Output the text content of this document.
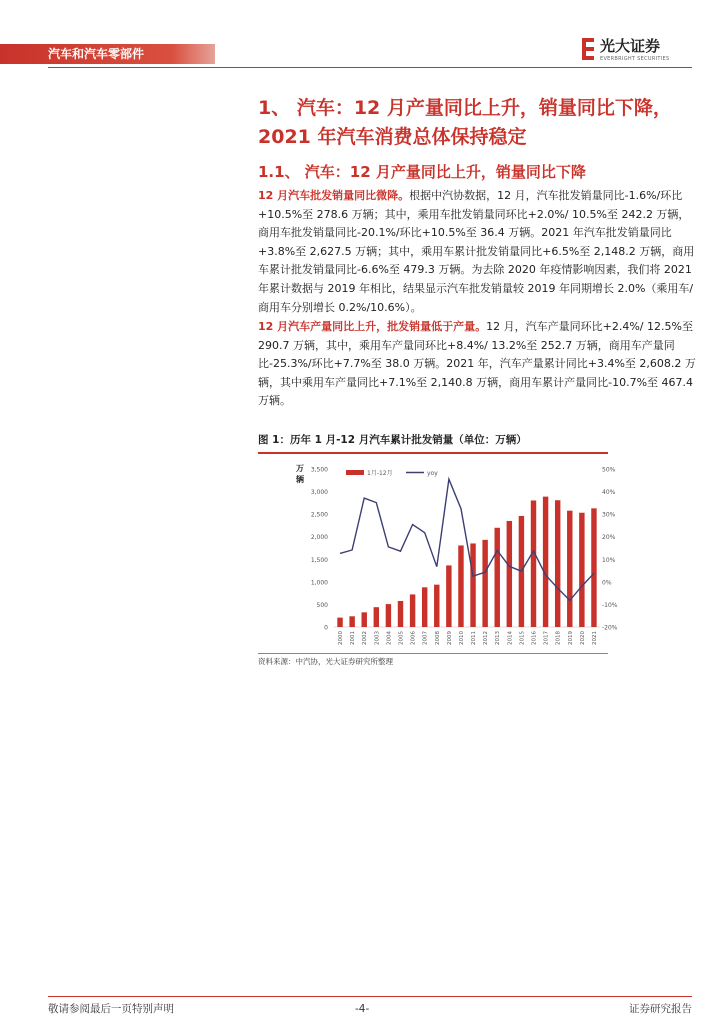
汽车和汽车零部件	光大证券
EVERBRIGHT SECURITIES
1、 汽车：12 月产量同比上升，销量同比下降，2021 年汽车消费总体保持稳定
1.1、 汽车：12 月产量同比上升，销量同比下降
12 月汽车批发销量同比微降。根据中汽协数据，12 月，汽车批发销量同比-1.6%/环比+10.5%至 278.6 万辆；其中，乘用车批发销量同环比+2.0%/ 10.5%至 242.2 万辆，商用车批发销量同比-20.1%/环比+10.5%至 36.4 万辆。2021 年汽车批发销量同比+3.8%至 2,627.5 万辆；其中，乘用车累计批发销量同比+6.5%至 2,148.2 万辆，商用车累计批发销量同比-6.6%至 479.3 万辆。为去除 2020 年疫情影响因素，我们将 2021 年累计数据与 2019 年相比，结果显示汽车批发销量较 2019 年同期增长 2.0%（乘用车/商用车分别增长 0.2%/10.6%）。
12 月汽车产量同比上升，批发销量低于产量。12 月，汽车产量同环比+2.4%/ 12.5%至 290.7 万辆，其中，乘用车产量同环比+8.4%/ 13.2%至 252.7 万辆，商用车产量同比-25.3%/环比+7.7%至 38.0 万辆。2021 年，汽车产量累计同比+3.4%至 2,608.2 万辆，其中乘用车产量同比+7.1%至 2,140.8 万辆，商用车累计产量同比-10.7%至 467.4 万辆。
图 1：历年 1 月-12 月汽车累计批发销量（单位：万辆）
万
辆
0
500
1,000
1,500
2,000
2,500
3,000
3,500
-20%
-10%
0%
10%
20%
30%
40%
50%
2000 2001 2002 2003 2004 2005 2006 2007 2008 2009 2010 2011 2012 2013 2014 2015 2016 2017 2018 2019 2020 2021
1月-12月	yoy
资料来源：中汽协，光大证券研究所整理
敬请参阅最后一页特别声明	-4-	证券研究报告
